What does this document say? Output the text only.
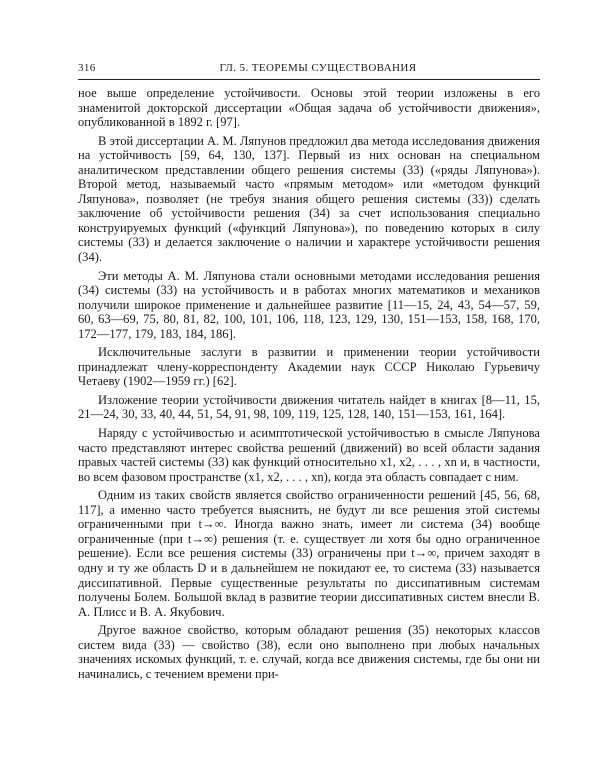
316	ГЛ. 5. ТЕОРЕМЫ СУЩЕСТВОВАНИЯ

ное выше определение устойчивости. Основы этой теории изложены в его знаменитой докторской диссертации «Общая задача об устойчивости движения», опубликованной в 1892 г. [97].

В этой диссертации А. М. Ляпунов предложил два метода исследования движения на устойчивость [59, 64, 130, 137]. Первый из них основан на специальном аналитическом представлении общего решения системы (33) («ряды Ляпунова»). Второй метод, называемый часто «прямым методом» или «методом функций Ляпунова», позволяет (не требуя знания общего решения системы (33)) сделать заключение об устойчивости решения (34) за счет использования специально конструируемых функций («функций Ляпунова»), по поведению которых в силу системы (33) и делается заключение о наличии и характере устойчивости решения (34).

Эти методы А. М. Ляпунова стали основными методами исследования решения (34) системы (33) на устойчивость и в работах многих математиков и механиков получили широкое применение и дальнейшее развитие [11—15, 24, 43, 54—57, 59, 60, 63—69, 75, 80, 81, 82, 100, 101, 106, 118, 123, 129, 130, 151—153, 158, 168, 170, 172—177, 179, 183, 184, 186].

Исключительные заслуги в развитии и применении теории устойчивости принадлежат члену-корреспонденту Академии наук СССР Николаю Гурьевичу Четаеву (1902—1959 гг.) [62].

Изложение теории устойчивости движения читатель найдет в книгах [8—11, 15, 21—24, 30, 33, 40, 44, 51, 54, 91, 98, 109, 119, 125, 128, 140, 151—153, 161, 164].

Наряду с устойчивостью и асимптотической устойчивостью в смысле Ляпунова часто представляют интерес свойства решений (движений) во всей области задания правых частей системы (33) как функций относительно x1, x2, . . . , xn и, в частности, во всем фазовом пространстве (x1, x2, . . . , xn), когда эта область совпадает с ним.

Одним из таких свойств является свойство ограниченности решений [45, 56, 68, 117], а именно часто требуется выяснить, не будут ли все решения этой системы ограниченными при t→∞. Иногда важно знать, имеет ли система (34) вообще ограниченные (при t→∞) решения (т. е. существует ли хотя бы одно ограниченное решение). Если все решения системы (33) ограничены при t→∞, причем заходят в одну и ту же область D и в дальнейшем не покидают ее, то система (33) называется диссипативной. Первые существенные результаты по диссипативным системам получены Болем. Большой вклад в развитие теории диссипативных систем внесли В. А. Плисс и В. А. Якубович.

Другое важное свойство, которым обладают решения (35) некоторых классов систем вида (33) — свойство (38), если оно выполнено при любых начальных значениях искомых функций, т. е. случай, когда все движения системы, где бы они ни начинались, с течением времени при-
